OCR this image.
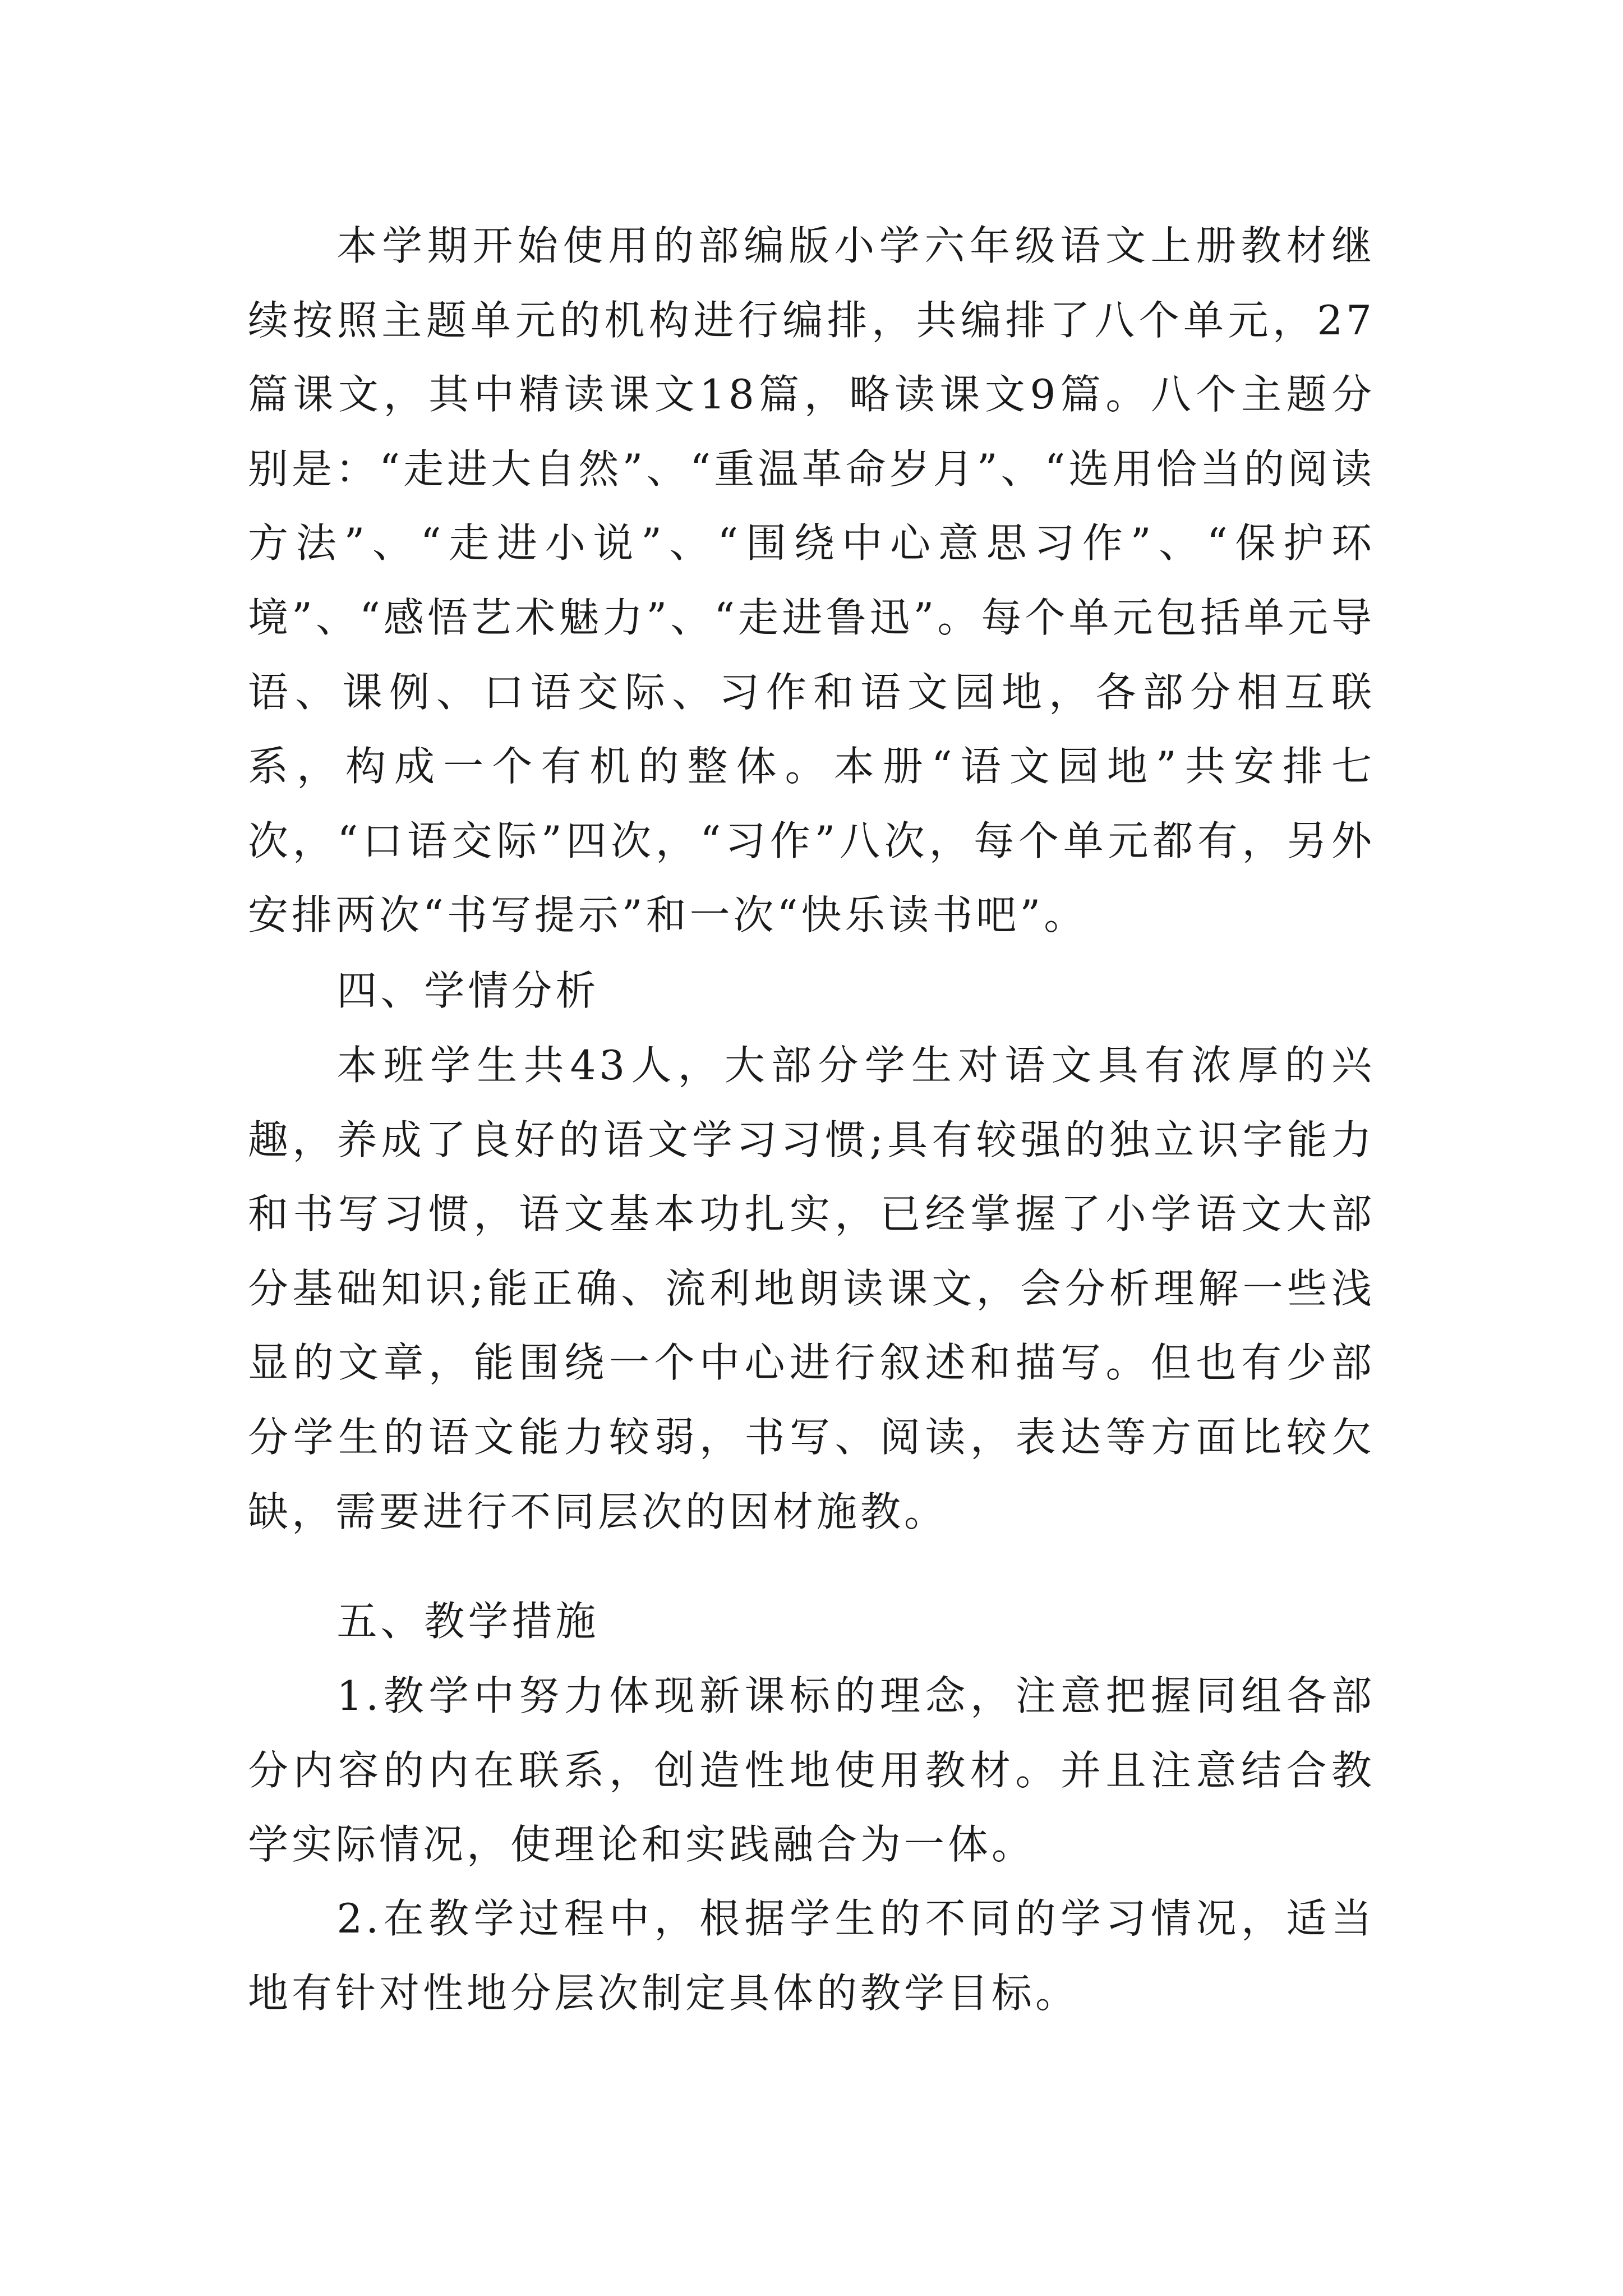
本学期开始使用的部编版小学六年级语文上册教材继续按照主题单元的机构进行编排，共编排了八个单元，27篇课文，其中精读课文18篇，略读课文9篇。八个主题分别是：“走进大自然”、“重温革命岁月”、“选用恰当的阅读方法”、“走进小说”、“围绕中心意思习作”、“保护环境”、“感悟艺术魅力”、“走进鲁迅”。每个单元包括单元导语、课例、口语交际、习作和语文园地，各部分相互联系，构成一个有机的整体。本册“语文园地”共安排七次，“口语交际”四次，“习作”八次，每个单元都有，另外安排两次“书写提示”和一次“快乐读书吧”。

四、学情分析

本班学生共43人，大部分学生对语文具有浓厚的兴趣，养成了良好的语文学习习惯;具有较强的独立识字能力和书写习惯，语文基本功扎实，已经掌握了小学语文大部分基础知识;能正确、流利地朗读课文，会分析理解一些浅显的文章，能围绕一个中心进行叙述和描写。但也有少部分学生的语文能力较弱，书写、阅读，表达等方面比较欠缺，需要进行不同层次的因材施教。

五、教学措施

1.教学中努力体现新课标的理念，注意把握同组各部分内容的内在联系，创造性地使用教材。并且注意结合教学实际情况，使理论和实践融合为一体。

2.在教学过程中，根据学生的不同的学习情况，适当地有针对性地分层次制定具体的教学目标。
